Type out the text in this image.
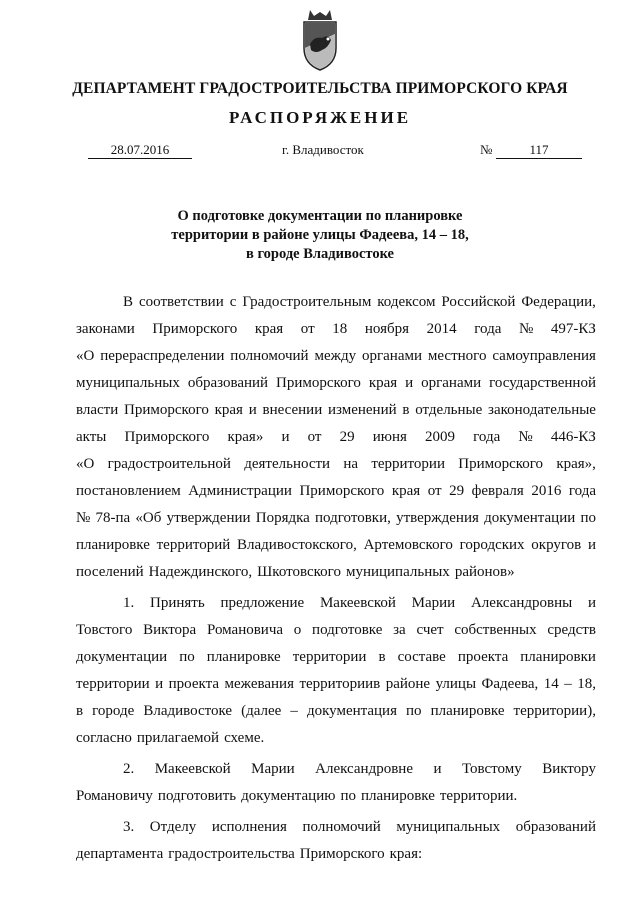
ДЕПАРТАМЕНТ ГРАДОСТРОИТЕЛЬСТВА ПРИМОРСКОГО КРАЯ
РАСПОРЯЖЕНИЕ
28.07.2016	г. Владивосток	№	117
О подготовке документации по планировке
территории в районе улицы Фадеева, 14 – 18,
в городе Владивостоке
В соответствии с Градостроительным кодексом Российской Федерации,
законами Приморского края от 18 ноября 2014 года № 497-КЗ
«О перераспределении полномочий между органами местного самоуправления
муниципальных образований Приморского края и органами государственной
власти Приморского края и внесении изменений в отдельные законодательные
акты Приморского края» и от 29 июня 2009 года № 446-КЗ
«О градостроительной деятельности на территории Приморского края»,
постановлением Администрации Приморского края от 29 февраля 2016 года
№ 78-па «Об утверждении Порядка подготовки, утверждения документации по
планировке территорий Владивостокского, Артемовского городских округов и
поселений Надеждинского, Шкотовского муниципальных районов»
1. Принять предложение Макеевской Марии Александровны и
Товстого Виктора Романовича о подготовке за счет собственных средств
документации по планировке территории в составе проекта планировки
территории и проекта межевания территориив районе улицы Фадеева, 14 – 18,
в городе Владивостоке (далее – документация по планировке территории),
согласно прилагаемой схеме.
2. Макеевской Марии Александровне и Товстому Виктору
Романовичу подготовить документацию по планировке территории.
3. Отделу исполнения полномочий муниципальных образований
департамента градостроительства Приморского края:
